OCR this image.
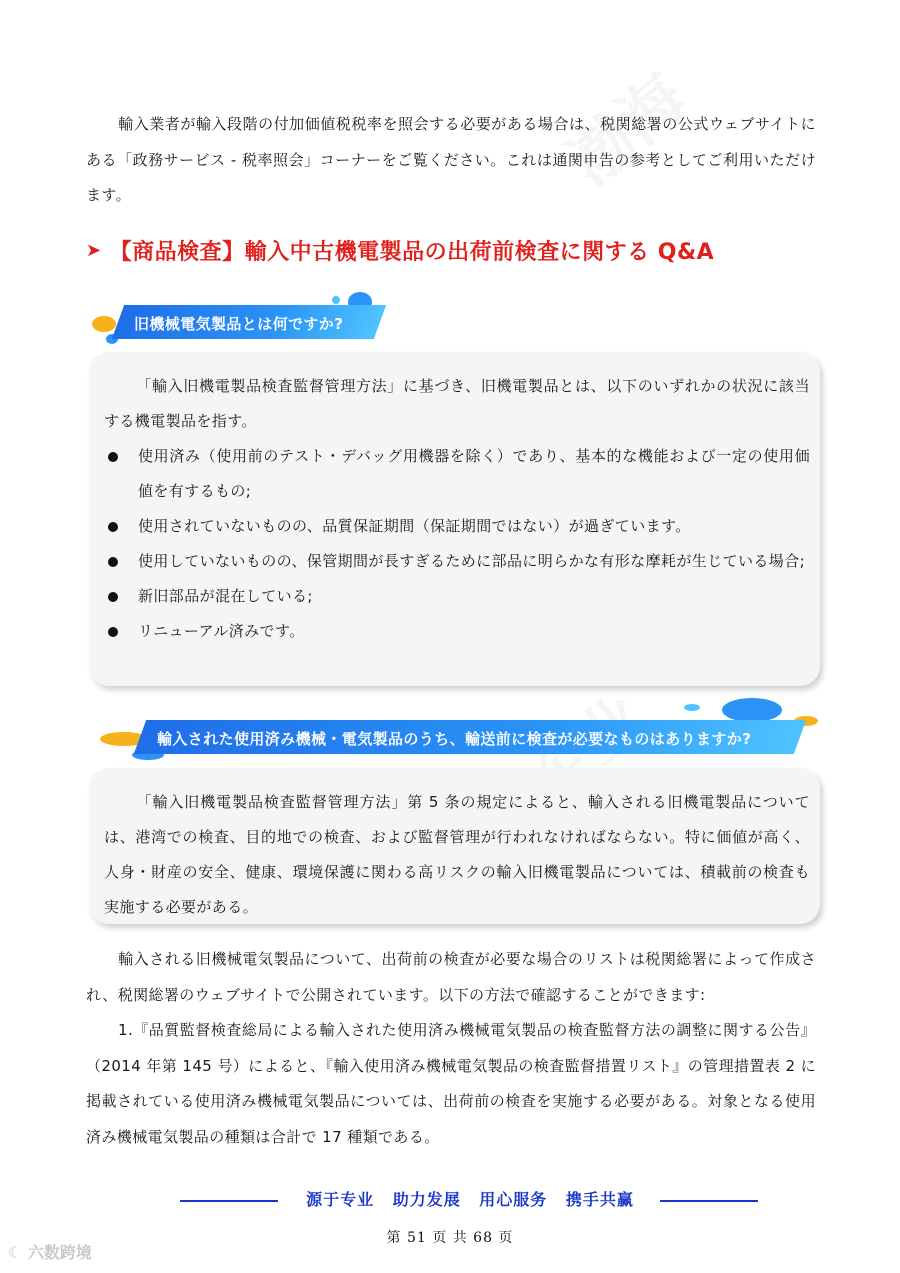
輸入業者が輸入段階の付加価値税税率を照会する必要がある場合は、税関総署の公式ウェブサイトにある「政務サービス - 税率照会」コーナーをご覧ください。これは通関申告の参考としてご利用いただけます。

➤ 【商品検査】輸入中古機電製品の出荷前検査に関する Q&A
旧機械電気製品とは何ですか?
「輸入旧機電製品検査監督管理方法」に基づき、旧機電製品とは、以下のいずれかの状況に該当する機電製品を指す。
使用済み（使用前のテスト・デバッグ用機器を除く）であり、基本的な機能および一定の使用価値を有するもの;
使用されていないものの、品質保証期間（保証期間ではない）が過ぎています。
使用していないものの、保管期間が長すぎるために部品に明らかな有形な摩耗が生じている場合;
新旧部品が混在している;
リニューアル済みです。
輸入された使用済み機械・電気製品のうち、輸送前に検査が必要なものはありますか?
「輸入旧機電製品検査監督管理方法」第 5 条の規定によると、輸入される旧機電製品については、港湾での検査、目的地での検査、および監督管理が行われなければならない。特に価値が高く、人身・財産の安全、健康、環境保護に関わる高リスクの輸入旧機電製品については、積載前の検査も実施する必要がある。

輸入される旧機械電気製品について、出荷前の検査が必要な場合のリストは税関総署によって作成され、税関総署のウェブサイトで公開されています。以下の方法で確認することができます:

1.『品質監督検査総局による輸入された使用済み機械電気製品の検査監督方法の調整に関する公告』（2014 年第 145 号）によると、『輸入使用済み機械電気製品の検査監督措置リスト』の管理措置表 2 に掲載されている使用済み機械電気製品については、出荷前の検査を実施する必要がある。対象となる使用済み機械電気製品の種類は合計で 17 種類である。

源于专业 助力发展 用心服务 携手共赢
第 51 页 共 68 页
☾ 六数跨境
